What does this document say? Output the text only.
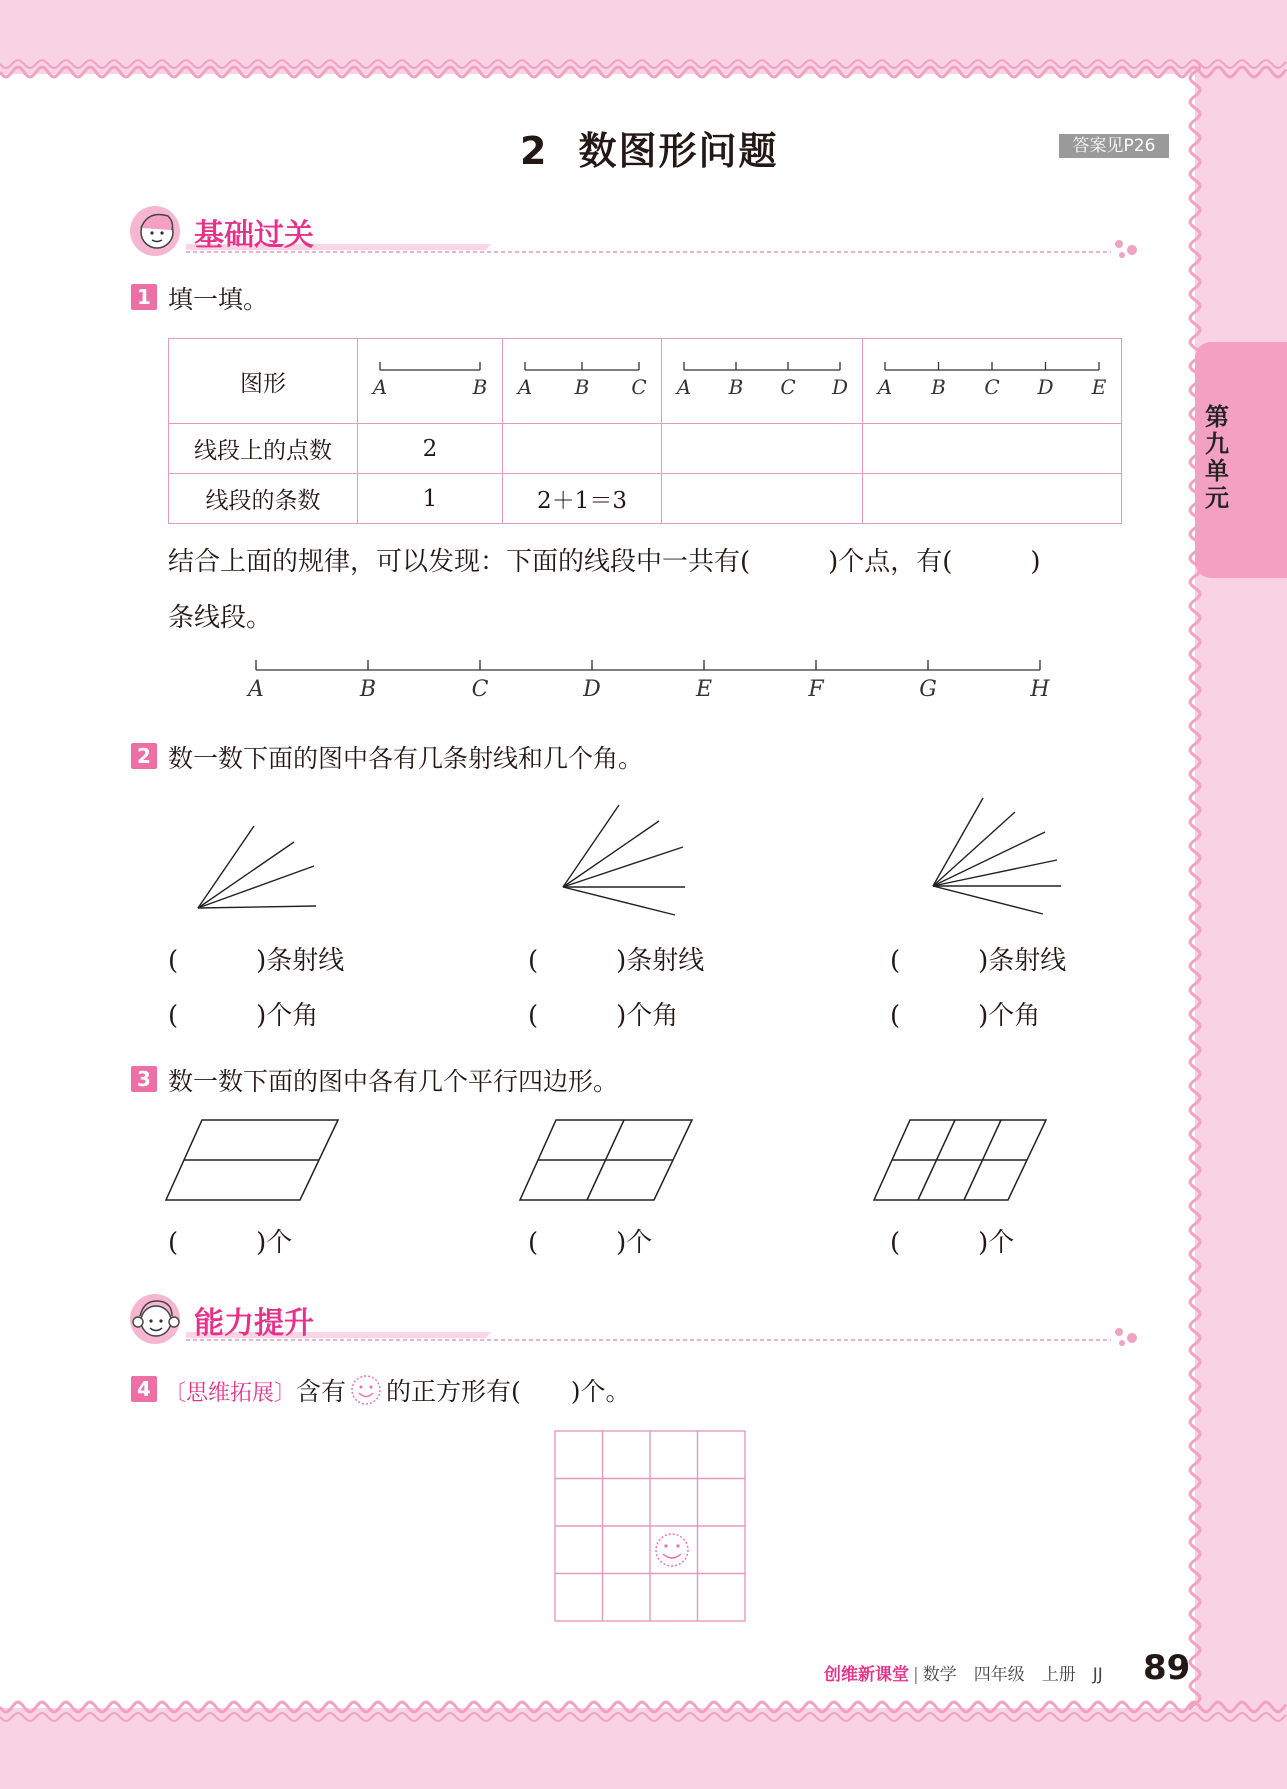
第九单元
2 数图形问题	答案见P26
基础过关
1 填一填。
图形	A B	A B C	A B C D	A B C D E

线段上的点数	2			
线段的条数	1	2＋1＝3		
结合上面的规律，可以发现：下面的线段中一共有(　　　)个点，有(　　　)
条线段。
A	B	C	D	E	F	G	H
2 数一数下面的图中各有几条射线和几个角。
(　　　)条射线	(　　　)条射线	(　　　)条射线
(　　　)个角	(　　　)个角	(　　　)个角
3 数一数下面的图中各有几个平行四边形。
(　　　)个	(　　　)个	(　　　)个
能力提升
4 〔思维拓展〕含有 的正方形有(　　)个。
创维新课堂 | 数学　四年级　上册　JJ 89
